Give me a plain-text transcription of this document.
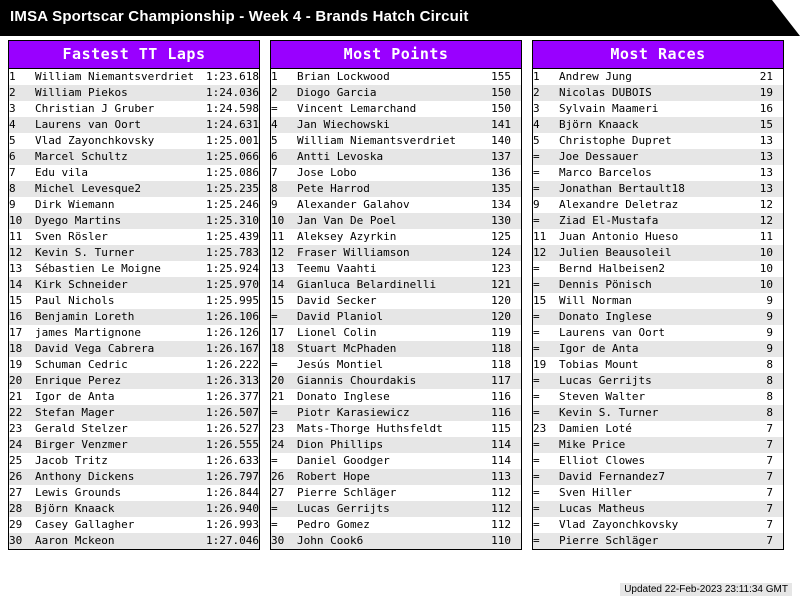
IMSA Sportscar Championship - Week 4 - Brands Hatch Circuit
Fastest TT Laps
1	William Niemantsverdriet	1:23.618
2	William Piekos	1:24.036
3	Christian J Gruber	1:24.598
4	Laurens van Oort	1:24.631
5	Vlad Zayonchkovsky	1:25.001
6	Marcel Schultz	1:25.066
7	Edu vila	1:25.086
8	Michel Levesque2	1:25.235
9	Dirk Wiemann	1:25.246
10	Dyego Martins	1:25.310
11	Sven Rösler	1:25.439
12	Kevin S. Turner	1:25.783
13	Sébastien Le Moigne	1:25.924
14	Kirk Schneider	1:25.970
15	Paul Nichols	1:25.995
16	Benjamin Loreth	1:26.106
17	james Martignone	1:26.126
18	David Vega Cabrera	1:26.167
19	Schuman Cedric	1:26.222
20	Enrique Perez	1:26.313
21	Igor de Anta	1:26.377
22	Stefan Mager	1:26.507
23	Gerald Stelzer	1:26.527
24	Birger Venzmer	1:26.555
25	Jacob Tritz	1:26.633
26	Anthony Dickens	1:26.797
27	Lewis Grounds	1:26.844
28	Björn Knaack	1:26.940
29	Casey Gallagher	1:26.993
30	Aaron Mckeon	1:27.046
Most Points
1	Brian Lockwood	155
2	Diogo Garcia	150
=	Vincent Lemarchand	150
4	Jan Wiechowski	141
5	William Niemantsverdriet	140
6	Antti Levoska	137
7	Jose Lobo	136
8	Pete Harrod	135
9	Alexander Galahov	134
10	Jan Van De Poel	130
11	Aleksey Azyrkin	125
12	Fraser Williamson	124
13	Teemu Vaahti	123
14	Gianluca Belardinelli	121
15	David Secker	120
=	David Planiol	120
17	Lionel Colin	119
18	Stuart McPhaden	118
=	Jesús Montiel	118
20	Giannis Chourdakis	117
21	Donato Inglese	116
=	Piotr Karasiewicz	116
23	Mats-Thorge Huthsfeldt	115
24	Dion Phillips	114
=	Daniel Goodger	114
26	Robert Hope	113
27	Pierre Schläger	112
=	Lucas Gerrijts	112
=	Pedro Gomez	112
30	John Cook6	110
Most Races
1	Andrew Jung	21
2	Nicolas DUBOIS	19
3	Sylvain Maameri	16
4	Björn Knaack	15
5	Christophe Dupret	13
=	Joe Dessauer	13
=	Marco Barcelos	13
=	Jonathan Bertault18	13
9	Alexandre Deletraz	12
=	Ziad El-Mustafa	12
11	Juan Antonio Hueso	11
12	Julien Beausoleil	10
=	Bernd Halbeisen2	10
=	Dennis Pönisch	10
15	Will Norman	9
=	Donato Inglese	9
=	Laurens van Oort	9
=	Igor de Anta	9
19	Tobias Mount	8
=	Lucas Gerrijts	8
=	Steven Walter	8
=	Kevin S. Turner	8
23	Damien Loté	7
=	Mike Price	7
=	Elliot Clowes	7
=	David Fernandez7	7
=	Sven Hiller	7
=	Lucas Matheus	7
=	Vlad Zayonchkovsky	7
=	Pierre Schläger	7
Updated 22-Feb-2023 23:11:34 GMT
